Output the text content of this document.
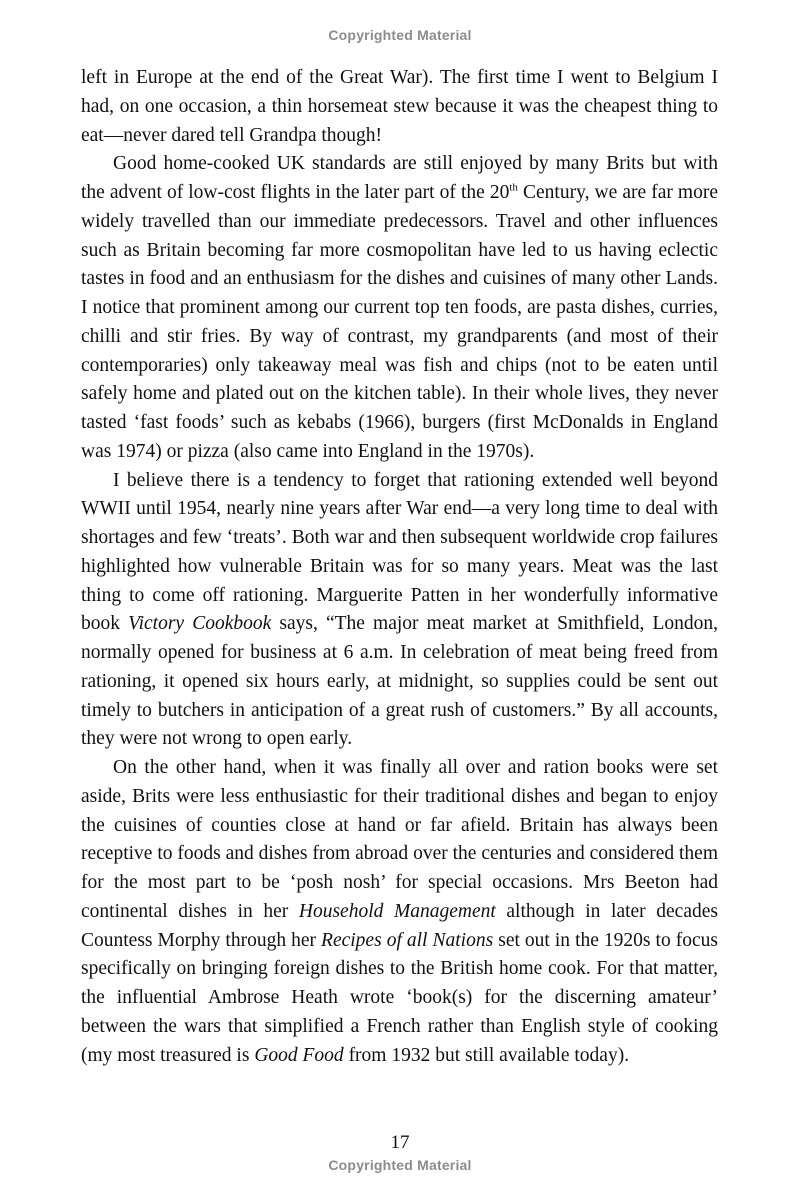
Copyrighted Material

left in Europe at the end of the Great War). The first time I went to Belgium I had, on one occasion, a thin horsemeat stew because it was the cheapest thing to eat—never dared tell Grandpa though!

Good home-cooked UK standards are still enjoyed by many Brits but with the advent of low-cost flights in the later part of the 20th Century, we are far more widely travelled than our immediate predecessors. Travel and other influences such as Britain becoming far more cosmopolitan have led to us having eclectic tastes in food and an enthusiasm for the dishes and cuisines of many other Lands. I notice that prominent among our current top ten foods, are pasta dishes, curries, chilli and stir fries. By way of contrast, my grandparents (and most of their contemporaries) only takeaway meal was fish and chips (not to be eaten until safely home and plated out on the kitchen table). In their whole lives, they never tasted ‘fast foods’ such as kebabs (1966), burgers (first McDonalds in England was 1974) or pizza (also came into England in the 1970s).

I believe there is a tendency to forget that rationing extended well beyond WWII until 1954, nearly nine years after War end—a very long time to deal with shortages and few ‘treats’. Both war and then subsequent worldwide crop failures highlighted how vulnerable Britain was for so many years. Meat was the last thing to come off rationing. Marguerite Patten in her wonderfully informative book Victory Cookbook says, “The major meat market at Smithfield, London, normally opened for business at 6 a.m. In celebration of meat being freed from rationing, it opened six hours early, at midnight, so supplies could be sent out timely to butchers in anticipation of a great rush of customers.” By all accounts, they were not wrong to open early.

On the other hand, when it was finally all over and ration books were set aside, Brits were less enthusiastic for their traditional dishes and began to enjoy the cuisines of counties close at hand or far afield. Britain has always been receptive to foods and dishes from abroad over the centuries and considered them for the most part to be ‘posh nosh’ for special occasions. Mrs Beeton had continental dishes in her Household Management although in later decades Countess Morphy through her Recipes of all Nations set out in the 1920s to focus specifically on bringing foreign dishes to the British home cook. For that matter, the influential Ambrose Heath wrote ‘book(s) for the discerning amateur’ between the wars that simplified a French rather than English style of cooking (my most treasured is Good Food from 1932 but still available today).

17
Copyrighted Material
